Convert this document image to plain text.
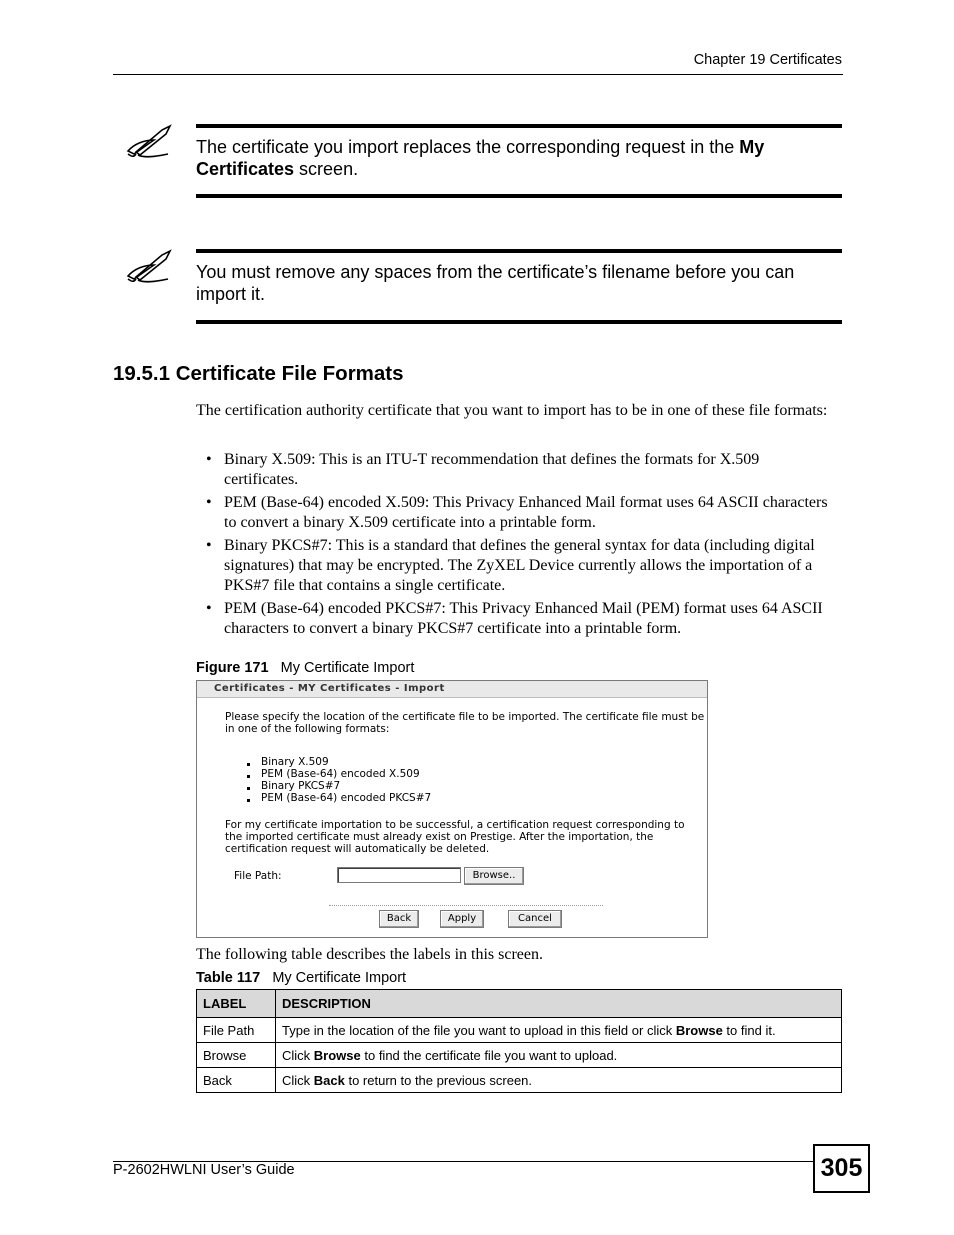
Chapter 19 Certificates
The certificate you import replaces the corresponding request in the My Certificates screen.
You must remove any spaces from the certificate’s filename before you can import it.
19.5.1 Certificate File Formats
The certification authority certificate that you want to import has to be in one of these file formats:
• Binary X.509: This is an ITU-T recommendation that defines the formats for X.509 certificates.
• PEM (Base-64) encoded X.509: This Privacy Enhanced Mail format uses 64 ASCII characters to convert a binary X.509 certificate into a printable form.
• Binary PKCS#7: This is a standard that defines the general syntax for data (including digital signatures) that may be encrypted. The ZyXEL Device currently allows the importation of a PKS#7 file that contains a single certificate.
• PEM (Base-64) encoded PKCS#7: This Privacy Enhanced Mail (PEM) format uses 64 ASCII characters to convert a binary PKCS#7 certificate into a printable form.
Figure 171 My Certificate Import
Certificates - MY Certificates - Import
Please specify the location of the certificate file to be imported. The certificate file must be in one of the following formats:
Binary X.509
PEM (Base-64) encoded X.509
Binary PKCS#7
PEM (Base-64) encoded PKCS#7
For my certificate importation to be successful, a certification request corresponding to the imported certificate must already exist on Prestige. After the importation, the certification request will automatically be deleted.
File Path:	Browse..
Back	Apply	Cancel
The following table describes the labels in this screen.
Table 117 My Certificate Import
LABEL	DESCRIPTION
File Path	Type in the location of the file you want to upload in this field or click Browse to find it.
Browse	Click Browse to find the certificate file you want to upload.
Back	Click Back to return to the previous screen.
P-2602HWLNI User’s Guide	305
